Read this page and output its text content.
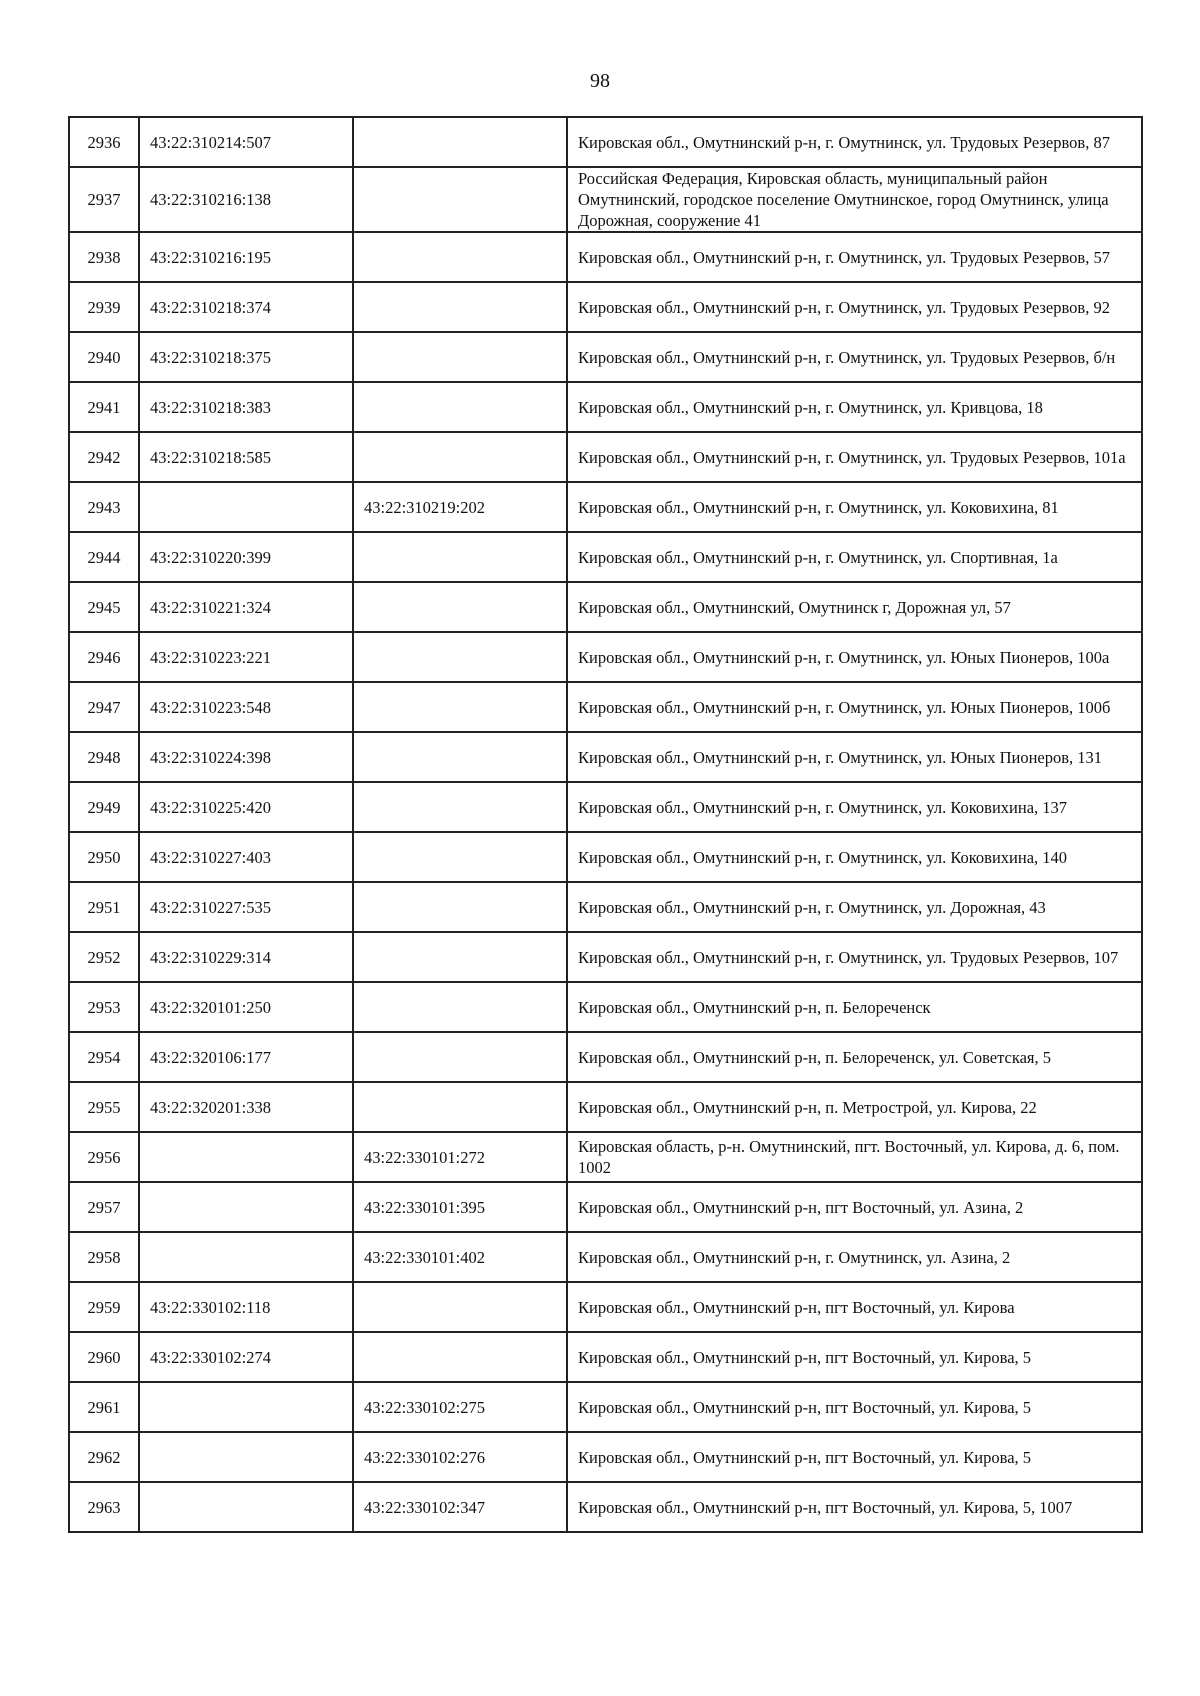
98
2936	43:22:310214:507		Кировская обл., Омутнинский р-н, г. Омутнинск, ул. Трудовых Резервов, 87
2937	43:22:310216:138		Российская Федерация, Кировская область, муниципальный район Омутнинский, городское поселение Омутнинское, город Омутнинск, улица Дорожная, сооружение 41
2938	43:22:310216:195		Кировская обл., Омутнинский р-н, г. Омутнинск, ул. Трудовых Резервов, 57
2939	43:22:310218:374		Кировская обл., Омутнинский р-н, г. Омутнинск, ул. Трудовых Резервов, 92
2940	43:22:310218:375		Кировская обл., Омутнинский р-н, г. Омутнинск, ул. Трудовых Резервов, б/н
2941	43:22:310218:383		Кировская обл., Омутнинский р-н, г. Омутнинск, ул. Кривцова, 18
2942	43:22:310218:585		Кировская обл., Омутнинский р-н, г. Омутнинск, ул. Трудовых Резервов, 101а
2943		43:22:310219:202	Кировская обл., Омутнинский р-н, г. Омутнинск, ул. Коковихина, 81
2944	43:22:310220:399		Кировская обл., Омутнинский р-н, г. Омутнинск, ул. Спортивная, 1а
2945	43:22:310221:324		Кировская обл., Омутнинский, Омутнинск г, Дорожная ул, 57
2946	43:22:310223:221		Кировская обл., Омутнинский р-н, г. Омутнинск, ул. Юных Пионеров, 100а
2947	43:22:310223:548		Кировская обл., Омутнинский р-н, г. Омутнинск, ул. Юных Пионеров, 100б
2948	43:22:310224:398		Кировская обл., Омутнинский р-н, г. Омутнинск, ул. Юных Пионеров, 131
2949	43:22:310225:420		Кировская обл., Омутнинский р-н, г. Омутнинск, ул. Коковихина, 137
2950	43:22:310227:403		Кировская обл., Омутнинский р-н, г. Омутнинск, ул. Коковихина, 140
2951	43:22:310227:535		Кировская обл., Омутнинский р-н, г. Омутнинск, ул. Дорожная, 43
2952	43:22:310229:314		Кировская обл., Омутнинский р-н, г. Омутнинск, ул. Трудовых Резервов, 107
2953	43:22:320101:250		Кировская обл., Омутнинский р-н, п. Белореченск
2954	43:22:320106:177		Кировская обл., Омутнинский р-н, п. Белореченск, ул. Советская, 5
2955	43:22:320201:338		Кировская обл., Омутнинский р-н, п. Метрострой, ул. Кирова, 22
2956		43:22:330101:272	Кировская область, р-н. Омутнинский, пгт. Восточный, ул. Кирова, д. 6, пом. 1002
2957		43:22:330101:395	Кировская обл., Омутнинский р-н, пгт Восточный, ул. Азина, 2
2958		43:22:330101:402	Кировская обл., Омутнинский р-н, г. Омутнинск, ул. Азина, 2
2959	43:22:330102:118		Кировская обл., Омутнинский р-н, пгт Восточный, ул. Кирова
2960	43:22:330102:274		Кировская обл., Омутнинский р-н, пгт Восточный, ул. Кирова, 5
2961		43:22:330102:275	Кировская обл., Омутнинский р-н, пгт Восточный, ул. Кирова, 5
2962		43:22:330102:276	Кировская обл., Омутнинский р-н, пгт Восточный, ул. Кирова, 5
2963		43:22:330102:347	Кировская обл., Омутнинский р-н, пгт Восточный, ул. Кирова, 5, 1007
